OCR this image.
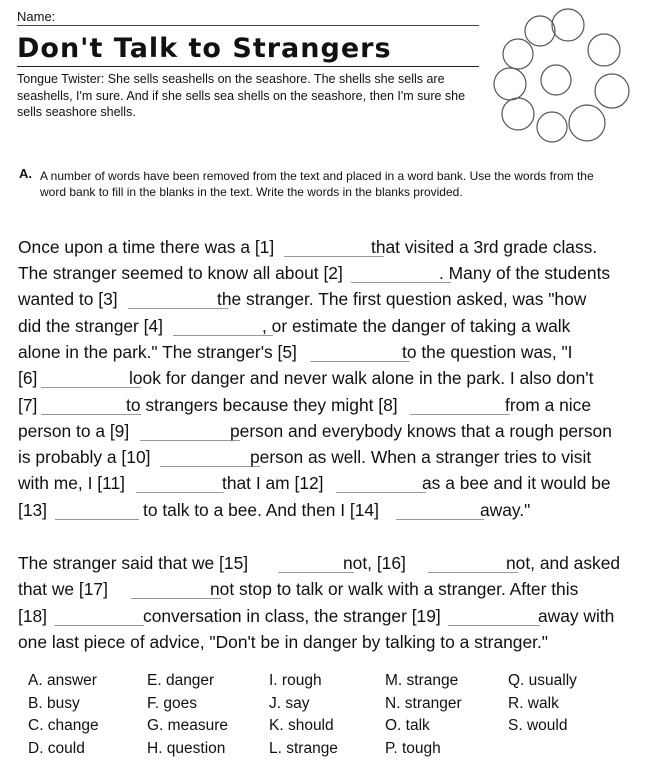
Name:
Don't Talk to Strangers
Tongue Twister: She sells seashells on the seashore. The shells she sells are seashells, I'm sure. And if she sells sea shells on the seashore, then I'm sure she sells seashore shells.
A. A number of words have been removed from the text and placed in a word bank. Use the words from the word bank to fill in the blanks in the text. Write the words in the blanks provided.
Once upon a time there was a [1]	that visited a 3rd grade class.
The stranger seemed to know all about [2]	. Many of the students
wanted to [3]	the stranger. The first question asked, was "how
did the stranger [4]	, or estimate the danger of taking a walk
alone in the park." The stranger's [5]	to the question was, "I
[6]	look for danger and never walk alone in the park. I also don't
[7]	to strangers because they might [8]	from a nice
person to a [9]	person and everybody knows that a rough person
is probably a [10]	person as well. When a stranger tries to visit
with me, I [11]	that I am [12]	as a bee and it would be
[13]	to talk to a bee. And then I [14]	away."
The stranger said that we [15]	not, [16]	not, and asked
that we [17]	not stop to talk or walk with a stranger. After this
[18]	conversation in class, the stranger [19]	away with
one last piece of advice, "Don't be in danger by talking to a stranger."
A. answer
B. busy
C. change
D. could
E. danger
F. goes
G. measure
H. question
I. rough
J. say
K. should
L. strange
M. strange
N. stranger
O. talk
P. tough
Q. usually
R. walk
S. would
